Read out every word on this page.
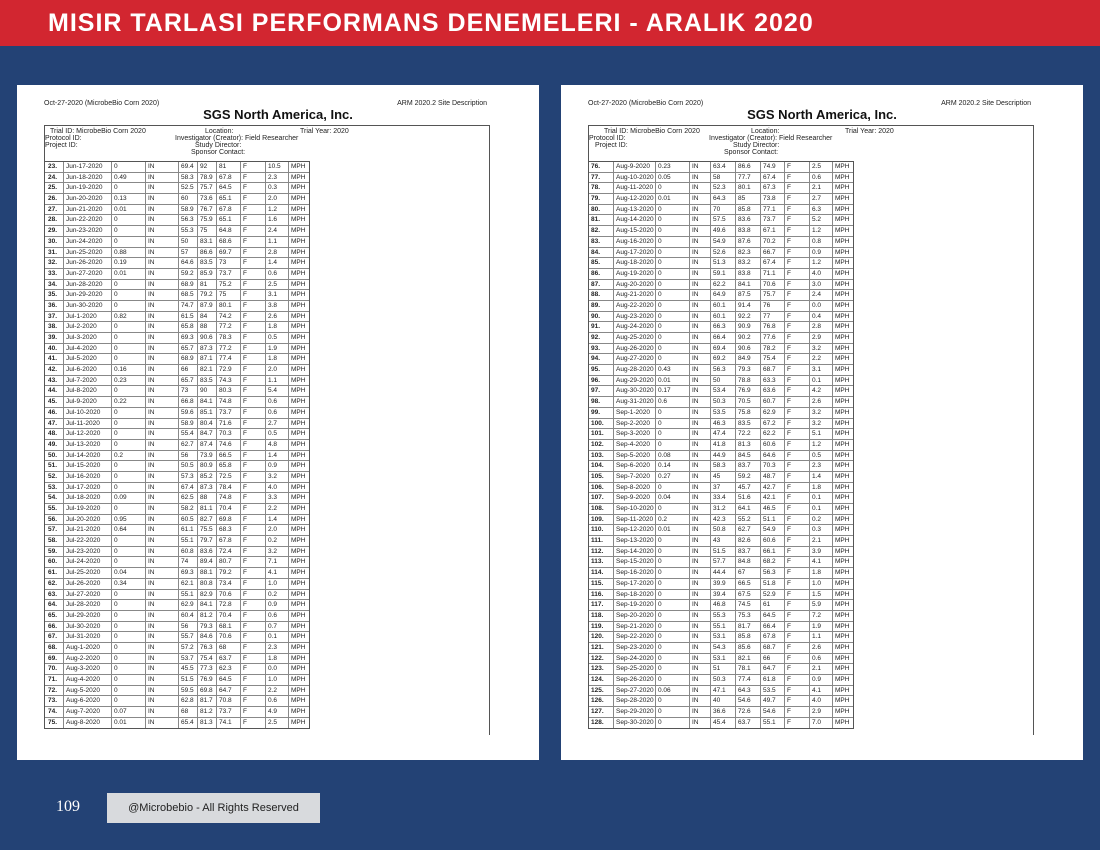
MISIR TARLASI PERFORMANS DENEMELERI - ARALIK 2020
Oct-27-2020 (MicrobeBio Corn 2020)	ARM 2020.2 Site Description
SGS North America, Inc.
Trial ID: MicrobeBio Corn 2020
Protocol ID:
Project ID:
Location:
Investigator (Creator): Field Researcher
Study Director:
Sponsor Contact:
Trial Year: 2020
23. Jun-17-2020 0	IN	69.4 92 81	F	10.5 MPH
24. Jun-18-2020 0.49	IN	58.3 78.9 67.8 F	2.3 MPH
25. Jun-19-2020 0	IN	52.5 75.7 64.5 F	0.3 MPH
26. Jun-20-2020 0.13	IN	60 73.6 65.1 F	2.0 MPH
27. Jun-21-2020 0.01	IN	58.9 76.7 67.8 F	1.2 MPH
28. Jun-22-2020 0	IN	56.3 75.9 65.1 F	1.6 MPH
29. Jun-23-2020 0	IN	55.3 75 64.8 F	2.4 MPH
30. Jun-24-2020 0	IN	50 83.1 68.6 F	1.1 MPH
31. Jun-25-2020 0.88	IN	57 86.6 69.7 F	2.8 MPH
32. Jun-26-2020 0.19	IN	64.6 83.5 73	F	1.4 MPH
33. Jun-27-2020 0.01	IN	59.2 85.9 73.7 F	0.6 MPH
34. Jun-28-2020 0	IN	68.9 81 75.2 F	2.5 MPH
35. Jun-29-2020 0	IN	68.5 79.2 75	F	3.1 MPH
36. Jun-30-2020 0	IN	74.7 87.9 80.1 F	3.8 MPH
37. Jul-1-2020	0.82	IN	61.5 84 74.2 F	2.6 MPH
38. Jul-2-2020	0	IN	65.8 88 77.2 F	1.8 MPH
39. Jul-3-2020	0	IN	69.3 90.6 78.3 F	0.5 MPH
40. Jul-4-2020	0	IN	65.7 87.3 77.2 F	1.9 MPH
41. Jul-5-2020	0	IN	68.9 87.1 77.4 F	1.8 MPH
42. Jul-6-2020	0.16	IN	66 82.1 72.9 F	2.0 MPH
43. Jul-7-2020	0.23	IN	65.7 83.5 74.3 F	1.1 MPH
44. Jul-8-2020	0	IN	73 90 80.3 F	5.4 MPH
45. Jul-9-2020	0.22	IN	66.8 84.1 74.8 F	0.6 MPH
46. Jul-10-2020 0	IN	59.6 85.1 73.7 F	0.6 MPH
47. Jul-11-2020 0	IN	58.9 80.4 71.6 F	2.7 MPH
48. Jul-12-2020 0	IN	55.4 84.7 70.3 F	0.5 MPH
49. Jul-13-2020 0	IN	62.7 87.4 74.6 F	4.8 MPH
50. Jul-14-2020 0.2	IN	56 73.9 66.5 F	1.4 MPH
51. Jul-15-2020 0	IN	50.5 80.9 65.8 F	0.9 MPH
52. Jul-16-2020 0	IN	57.3 85.2 72.5 F	3.2 MPH
53. Jul-17-2020 0	IN	67.4 87.3 78.4 F	4.0 MPH
54. Jul-18-2020 0.09	IN	62.5 88 74.8 F	3.3 MPH
55. Jul-19-2020 0	IN	58.2 81.1 70.4 F	2.2 MPH
56. Jul-20-2020 0.95	IN	60.5 82.7 69.8 F	1.4 MPH
57. Jul-21-2020 0.64	IN	61.1 75.5 68.3 F	2.0 MPH
58. Jul-22-2020 0	IN	55.1 79.7 67.8 F	0.2 MPH
59. Jul-23-2020 0	IN	60.8 83.6 72.4 F	3.2 MPH
60. Jul-24-2020 0	IN	74 89.4 80.7 F	7.1 MPH
61. Jul-25-2020 0.04	IN	69.3 88.1 79.2 F	4.1 MPH
62. Jul-26-2020 0.34	IN	62.1 80.8 73.4 F	1.0 MPH
63. Jul-27-2020 0	IN	55.1 82.9 70.6 F	0.2 MPH
64. Jul-28-2020 0	IN	62.9 84.1 72.8 F	0.9 MPH
65. Jul-29-2020 0	IN	60.4 81.2 70.4 F	0.6 MPH
66. Jul-30-2020 0	IN	56 79.3 68.1 F	0.7 MPH
67. Jul-31-2020 0	IN	55.7 84.6 70.6 F	0.1 MPH
68. Aug-1-2020 0	IN	57.2 76.3 68	F	2.3 MPH
69. Aug-2-2020 0	IN	53.7 75.4 63.7 F	1.8 MPH
70. Aug-3-2020 0	IN	45.5 77.3 62.3 F	0.0 MPH
71. Aug-4-2020 0	IN	51.5 76.9 64.5 F	1.0 MPH
72. Aug-5-2020 0	IN	59.5 69.8 64.7 F	2.2 MPH
73. Aug-6-2020 0	IN	62.8 81.7 70.8 F	0.6 MPH
74. Aug-7-2020 0.07	IN	68 81.2 73.7 F	4.9 MPH
75. Aug-8-2020 0.01	IN	65.4 81.3 74.1 F	2.5 MPH
Oct-27-2020 (MicrobeBio Corn 2020)	ARM 2020.2 Site Description
SGS North America, Inc.
Trial ID: MicrobeBio Corn 2020
Protocol ID:
Project ID:
Location:
Investigator (Creator): Field Researcher
Study Director:
Sponsor Contact:
Trial Year: 2020
76. Aug-9-2020 0.23	IN 63.4 86.6 74.9 F	2.5 MPH
77. Aug-10-2020 0.05	IN 58	77.7 67.4 F	0.6 MPH
78. Aug-11-2020 0	IN 52.3 80.1 67.3 F	2.1 MPH
79. Aug-12-2020 0.01	IN 64.3 85	73.8 F	2.7 MPH
80. Aug-13-2020 0	IN 70	85.8 77.1 F	6.3 MPH
81. Aug-14-2020 0	IN 57.5 83.6 73.7 F	5.2 MPH
82. Aug-15-2020 0	IN 49.6 83.8 67.1 F	1.2 MPH
83. Aug-16-2020 0	IN 54.9 87.6 70.2 F	0.8 MPH
84. Aug-17-2020 0	IN 52.6 82.3 66.7 F	0.9 MPH
85. Aug-18-2020 0	IN 51.3 83.2 67.4 F	1.2 MPH
86. Aug-19-2020 0	IN 59.1 83.8 71.1 F	4.0 MPH
87. Aug-20-2020 0	IN 62.2 84.1 70.6 F	3.0 MPH
88. Aug-21-2020 0	IN 64.9 87.5 75.7 F	2.4 MPH
89. Aug-22-2020 0	IN 60.1 91.4 76	F	0.0 MPH
90. Aug-23-2020 0	IN 60.1 92.2 77	F	0.4 MPH
91. Aug-24-2020 0	IN 66.3 90.9 76.8 F	2.8 MPH
92. Aug-25-2020 0	IN 66.4 90.2 77.6 F	2.9 MPH
93. Aug-26-2020 0	IN 69.4 90.6 78.2 F	3.2 MPH
94. Aug-27-2020 0	IN 69.2 84.9 75.4 F	2.2 MPH
95. Aug-28-2020 0.43	IN 56.3 79.3 68.7 F	3.1 MPH
96. Aug-29-2020 0.01	IN 50	78.8 63.3 F	0.1 MPH
97. Aug-30-2020 0.17	IN 53.4 76.9 63.6 F	4.2 MPH
98. Aug-31-2020 0.6	IN 50.3 70.5 60.7 F	2.6 MPH
99. Sep-1-2020 0	IN 53.5 75.8 62.9 F	3.2 MPH
100. Sep-2-2020 0	IN 46.3 83.5 67.2 F	3.2 MPH
101. Sep-3-2020 0	IN 47.4 72.2 62.2 F	5.1 MPH
102. Sep-4-2020 0	IN 41.8 81.3 60.6 F	1.2 MPH
103. Sep-5-2020 0.08	IN 44.9 84.5 64.6 F	0.5 MPH
104. Sep-6-2020 0.14	IN 58.3 83.7 70.3 F	2.3 MPH
105. Sep-7-2020 0.27	IN 45	59.2 48.7 F	1.4 MPH
106. Sep-8-2020 0	IN 37	45.7 42.7 F	1.8 MPH
107. Sep-9-2020 0.04	IN 33.4 51.6 42.1 F	0.1 MPH
108. Sep-10-2020 0	IN 31.2 64.1 46.5 F	0.1 MPH
109. Sep-11-2020 0.2	IN 42.3 55.2 51.1 F	0.2 MPH
110. Sep-12-2020 0.01	IN 50.8 62.7 54.9 F	0.3 MPH
111. Sep-13-2020 0	IN 43	82.6 60.6 F	2.1 MPH
112. Sep-14-2020 0	IN 51.5 83.7 66.1 F	3.9 MPH
113. Sep-15-2020 0	IN 57.7 84.8 68.2 F	4.1 MPH
114. Sep-16-2020 0	IN 44.4 67	56.3 F	1.8 MPH
115. Sep-17-2020 0	IN 39.9 66.5 51.8 F	1.0 MPH
116. Sep-18-2020 0	IN 39.4 67.5 52.9 F	1.5 MPH
117. Sep-19-2020 0	IN 46.8 74.5 61	F	5.9 MPH
118. Sep-20-2020 0	IN 55.3 75.3 64.5 F	7.2 MPH
119. Sep-21-2020 0	IN 55.1 81.7 66.4 F	1.9 MPH
120. Sep-22-2020 0	IN 53.1 85.8 67.8 F	1.1 MPH
121. Sep-23-2020 0	IN 54.3 85.6 68.7 F	2.6 MPH
122. Sep-24-2020 0	IN 53.1 82.1 66	F	0.6 MPH
123. Sep-25-2020 0	IN 51	78.1 64.7 F	2.1 MPH
124. Sep-26-2020 0	IN 50.3 77.4 61.8 F	0.9 MPH
125. Sep-27-2020 0.06	IN 47.1 64.3 53.5 F	4.1 MPH
126. Sep-28-2020 0	IN 40	54.6 49.7 F	4.0 MPH
127. Sep-29-2020 0	IN 36.6 72.6 54.6 F	2.9 MPH
128. Sep-30-2020 0	IN 45.4 63.7 55.1 F	7.0 MPH
109	@Microbebio - All Rights Reserved
